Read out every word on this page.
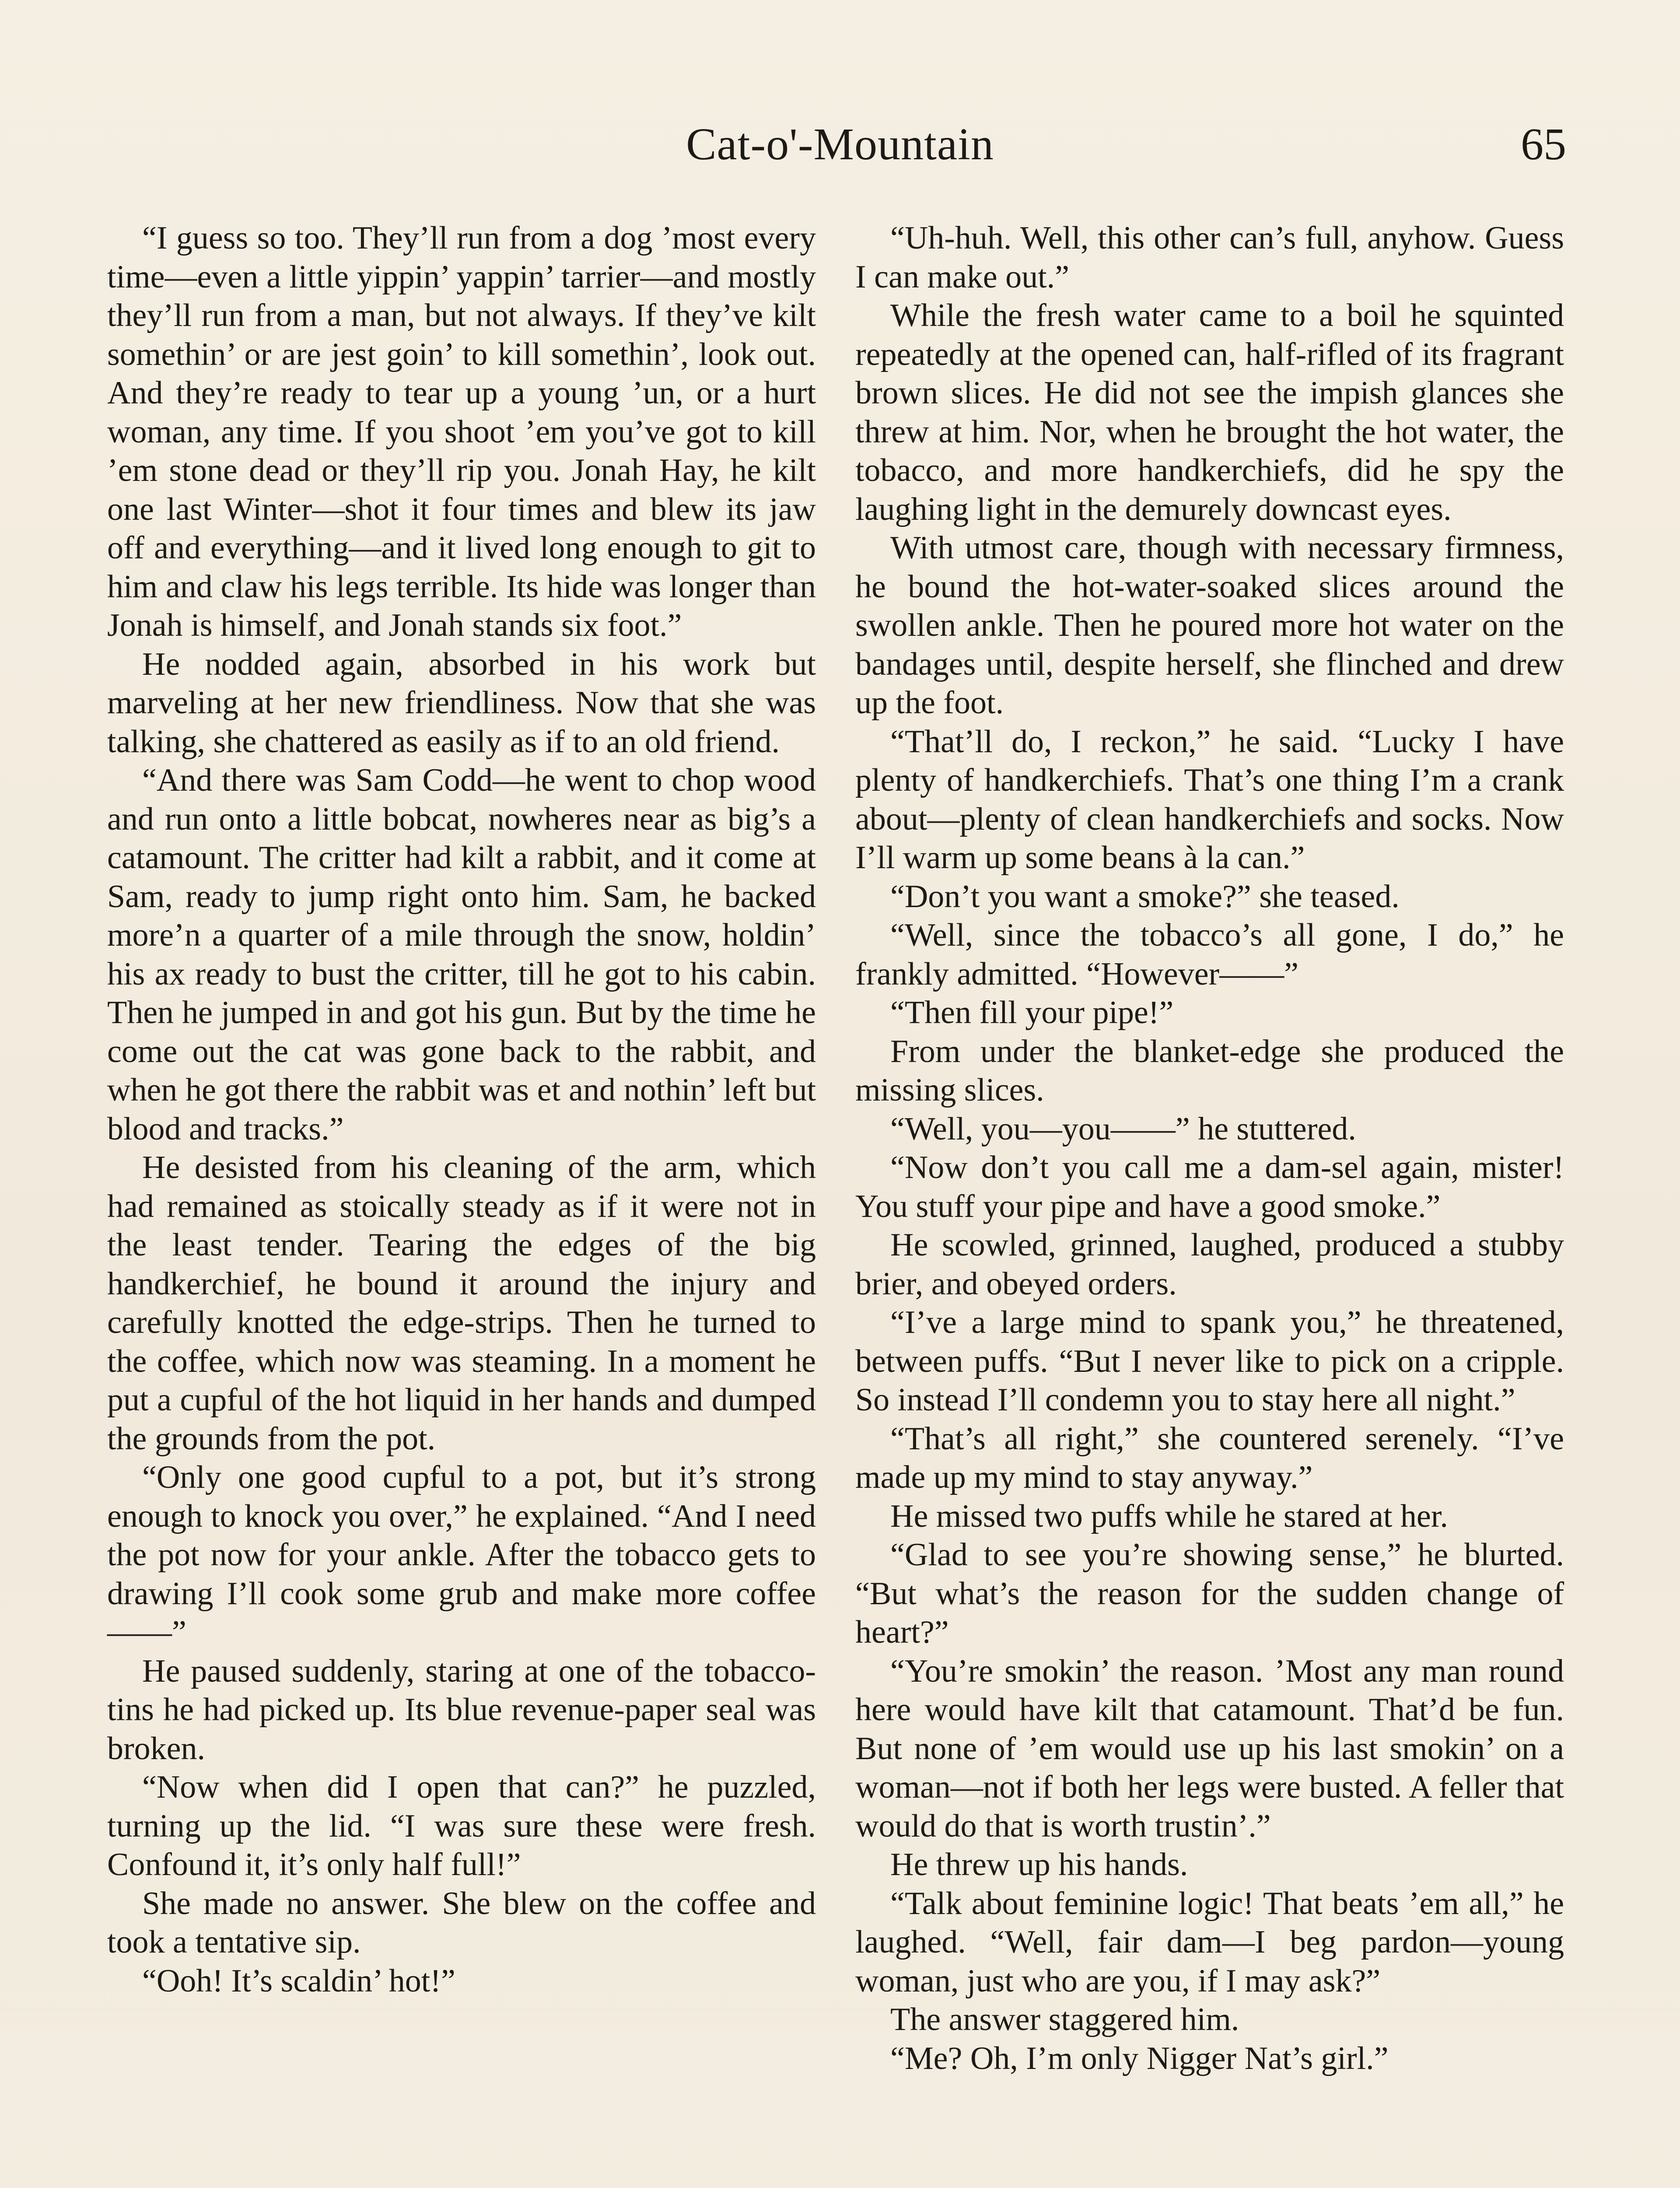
Cat-o'-Mountain	65

“I guess so too. They’ll run from a dog ’most every time—even a little yippin’ yappin’ tarrier—and mostly they’ll run from a man, but not always. If they’ve kilt somethin’ or are jest goin’ to kill somethin’, look out. And they’re ready to tear up a young ’un, or a hurt woman, any time. If you shoot ’em you’ve got to kill ’em stone dead or they’ll rip you. Jonah Hay, he kilt one last Winter—shot it four times and blew its jaw off and everything—and it lived long enough to git to him and claw his legs terrible. Its hide was longer than Jonah is himself, and Jonah stands six foot.”

He nodded again, absorbed in his work but marveling at her new friendliness. Now that she was talking, she chattered as easily as if to an old friend.

“And there was Sam Codd—he went to chop wood and run onto a little bobcat, nowheres near as big’s a catamount. The critter had kilt a rabbit, and it come at Sam, ready to jump right onto him. Sam, he backed more’n a quarter of a mile through the snow, holdin’ his ax ready to bust the critter, till he got to his cabin. Then he jumped in and got his gun. But by the time he come out the cat was gone back to the rabbit, and when he got there the rabbit was et and nothin’ left but blood and tracks.”

He desisted from his cleaning of the arm, which had remained as stoically steady as if it were not in the least tender. Tearing the edges of the big handkerchief, he bound it around the injury and carefully knotted the edge-strips. Then he turned to the coffee, which now was steaming. In a moment he put a cupful of the hot liquid in her hands and dumped the grounds from the pot.

“Only one good cupful to a pot, but it’s strong enough to knock you over,” he explained. “And I need the pot now for your ankle. After the tobacco gets to drawing I’ll cook some grub and make more coffee——”

He paused suddenly, staring at one of the tobacco-tins he had picked up. Its blue revenue-paper seal was broken.

“Now when did I open that can?” he puzzled, turning up the lid. “I was sure these were fresh. Confound it, it’s only half full!”

She made no answer. She blew on the coffee and took a tentative sip.

“Ooh! It’s scaldin’ hot!”

“Uh-huh. Well, this other can’s full, anyhow. Guess I can make out.”

While the fresh water came to a boil he squinted repeatedly at the opened can, half-rifled of its fragrant brown slices. He did not see the impish glances she threw at him. Nor, when he brought the hot water, the tobacco, and more handkerchiefs, did he spy the laughing light in the demurely downcast eyes.

With utmost care, though with necessary firmness, he bound the hot-water-soaked slices around the swollen ankle. Then he poured more hot water on the bandages until, despite herself, she flinched and drew up the foot.

“That’ll do, I reckon,” he said. “Lucky I have plenty of handkerchiefs. That’s one thing I’m a crank about—plenty of clean handkerchiefs and socks. Now I’ll warm up some beans à la can.”

“Don’t you want a smoke?” she teased.

“Well, since the tobacco’s all gone, I do,” he frankly admitted. “However——”

“Then fill your pipe!”

From under the blanket-edge she produced the missing slices.

“Well, you—you——” he stuttered.

“Now don’t you call me a dam-sel again, mister! You stuff your pipe and have a good smoke.”

He scowled, grinned, laughed, produced a stubby brier, and obeyed orders.

“I’ve a large mind to spank you,” he threatened, between puffs. “But I never like to pick on a cripple. So instead I’ll condemn you to stay here all night.”

“That’s all right,” she countered serenely. “I’ve made up my mind to stay anyway.”

He missed two puffs while he stared at her.

“Glad to see you’re showing sense,” he blurted. “But what’s the reason for the sudden change of heart?”

“You’re smokin’ the reason. ’Most any man round here would have kilt that catamount. That’d be fun. But none of ’em would use up his last smokin’ on a woman—not if both her legs were busted. A feller that would do that is worth trustin’.”

He threw up his hands.

“Talk about feminine logic! That beats ’em all,” he laughed. “Well, fair dam—I beg pardon—young woman, just who are you, if I may ask?”

The answer staggered him.

“Me? Oh, I’m only Nigger Nat’s girl.”
